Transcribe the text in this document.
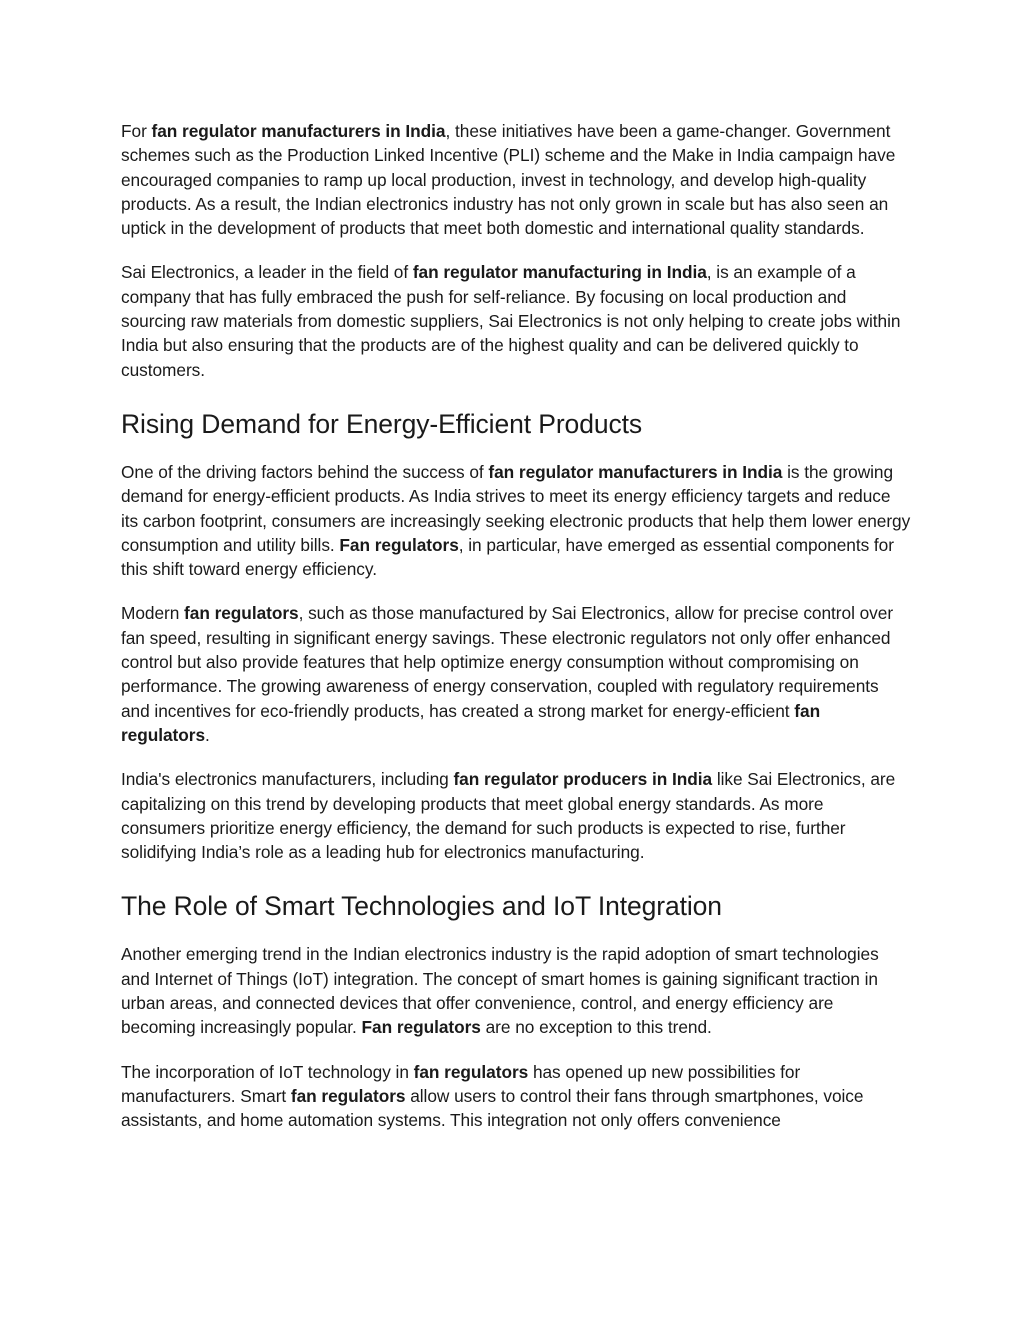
For fan regulator manufacturers in India, these initiatives have been a game-changer. Government schemes such as the Production Linked Incentive (PLI) scheme and the Make in India campaign have encouraged companies to ramp up local production, invest in technology, and develop high-quality products. As a result, the Indian electronics industry has not only grown in scale but has also seen an uptick in the development of products that meet both domestic and international quality standards.

Sai Electronics, a leader in the field of fan regulator manufacturing in India, is an example of a company that has fully embraced the push for self-reliance. By focusing on local production and sourcing raw materials from domestic suppliers, Sai Electronics is not only helping to create jobs within India but also ensuring that the products are of the highest quality and can be delivered quickly to customers.

Rising Demand for Energy-Efficient Products

One of the driving factors behind the success of fan regulator manufacturers in India is the growing demand for energy-efficient products. As India strives to meet its energy efficiency targets and reduce its carbon footprint, consumers are increasingly seeking electronic products that help them lower energy consumption and utility bills. Fan regulators, in particular, have emerged as essential components for this shift toward energy efficiency.

Modern fan regulators, such as those manufactured by Sai Electronics, allow for precise control over fan speed, resulting in significant energy savings. These electronic regulators not only offer enhanced control but also provide features that help optimize energy consumption without compromising on performance. The growing awareness of energy conservation, coupled with regulatory requirements and incentives for eco-friendly products, has created a strong market for energy-efficient fan regulators.

India's electronics manufacturers, including fan regulator producers in India like Sai Electronics, are capitalizing on this trend by developing products that meet global energy standards. As more consumers prioritize energy efficiency, the demand for such products is expected to rise, further solidifying India’s role as a leading hub for electronics manufacturing.

The Role of Smart Technologies and IoT Integration

Another emerging trend in the Indian electronics industry is the rapid adoption of smart technologies and Internet of Things (IoT) integration. The concept of smart homes is gaining significant traction in urban areas, and connected devices that offer convenience, control, and energy efficiency are becoming increasingly popular. Fan regulators are no exception to this trend.

The incorporation of IoT technology in fan regulators has opened up new possibilities for manufacturers. Smart fan regulators allow users to control their fans through smartphones, voice assistants, and home automation systems. This integration not only offers convenience
